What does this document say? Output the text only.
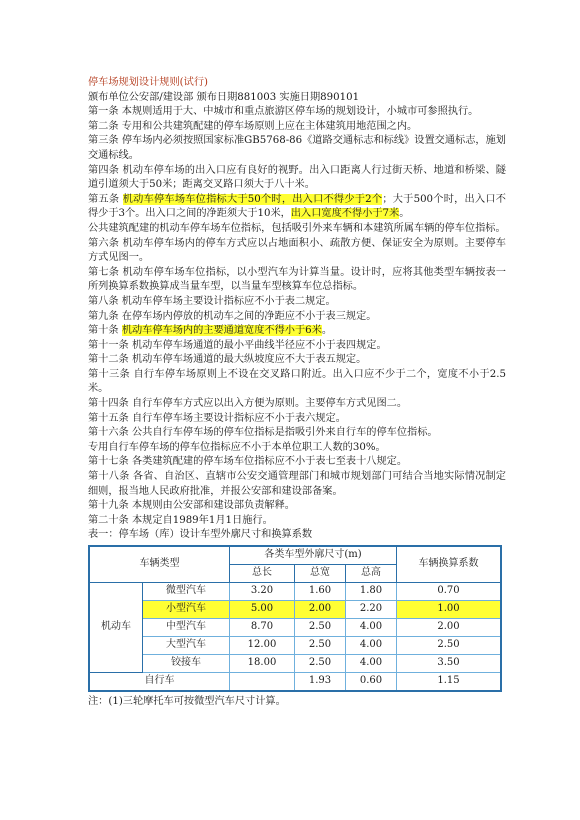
停车场规划设计规则(试行)

颁布单位公安部/建设部 颁布日期881003 实施日期890101

第一条 本规则适用于大、中城市和重点旅游区停车场的规划设计，小城市可参照执行。

第二条 专用和公共建筑配建的停车场原则上应在主体建筑用地范围之内。

第三条 停车场内必须按照国家标准GB5768-86《道路交通标志和标线》设置交通标志，施划交通标线。

第四条 机动车停车场的出入口应有良好的视野。出入口距离人行过街天桥、地道和桥梁、隧道引道须大于50米；距离交叉路口须大于八十米。

第五条 机动车停车场车位指标大于50个时，出入口不得少于2个；大于500个时，出入口不得少于3个。出入口之间的净距须大于10米，出入口宽度不得小于7米。

公共建筑配建的机动车停车场车位指标，包括吸引外来车辆和本建筑所属车辆的停车位指标。

第六条 机动车停车场内的停车方式应以占地面积小、疏散方便、保证安全为原则。主要停车方式见图一。

第七条 机动车停车场车位指标，以小型汽车为计算当量。设计时，应将其他类型车辆按表一所列换算系数换算成当量车型，以当量车型核算车位总指标。

第八条 机动车停车场主要设计指标应不小于表二规定。

第九条 在停车场内停放的机动车之间的净距应不小于表三规定。

第十条 机动车停车场内的主要通道宽度不得小于6米。

第十一条 机动车停车场通道的最小平曲线半径应不小于表四规定。

第十二条 机动车停车场通道的最大纵坡度应不大于表五规定。

第十三条 自行车停车场原则上不设在交叉路口附近。出入口应不少于二个，宽度不小于2.5米。

第十四条 自行车停车方式应以出入方便为原则。主要停车方式见图二。

第十五条 自行车停车场主要设计指标应不小于表六规定。

第十六条 公共自行车停车场的停车位指标是指吸引外来自行车的停车位指标。

专用自行车停车场的停车位指标应不小于本单位职工人数的30%。

第十七条 各类建筑配建的停车场车位指标应不小于表七至表十八规定。

第十八条 各省、自治区、直辖市公安交通管理部门和城市规划部门可结合当地实际情况制定细则，报当地人民政府批准，并报公安部和建设部备案。

第十九条 本规则由公安部和建设部负责解释。

第二十条 本规定自1989年1月1日施行。

表一：停车场（库）设计车型外廓尺寸和换算系数

车辆类型		各类车型外廓尺寸(m)			车辆换算系数
		总长	总宽	总高	
机动车	微型汽车	3.20	1.60	1.80	0.70
	小型汽车	5.00	2.00	2.20	1.00
	中型汽车	8.70	2.50	4.00	2.00
	大型汽车	12.00	2.50	4.00	2.50
	铰接车	18.00	2.50	4.00	3.50
自行车			1.93	0.60	1.15

注：(1)三轮摩托车可按微型汽车尺寸计算。
